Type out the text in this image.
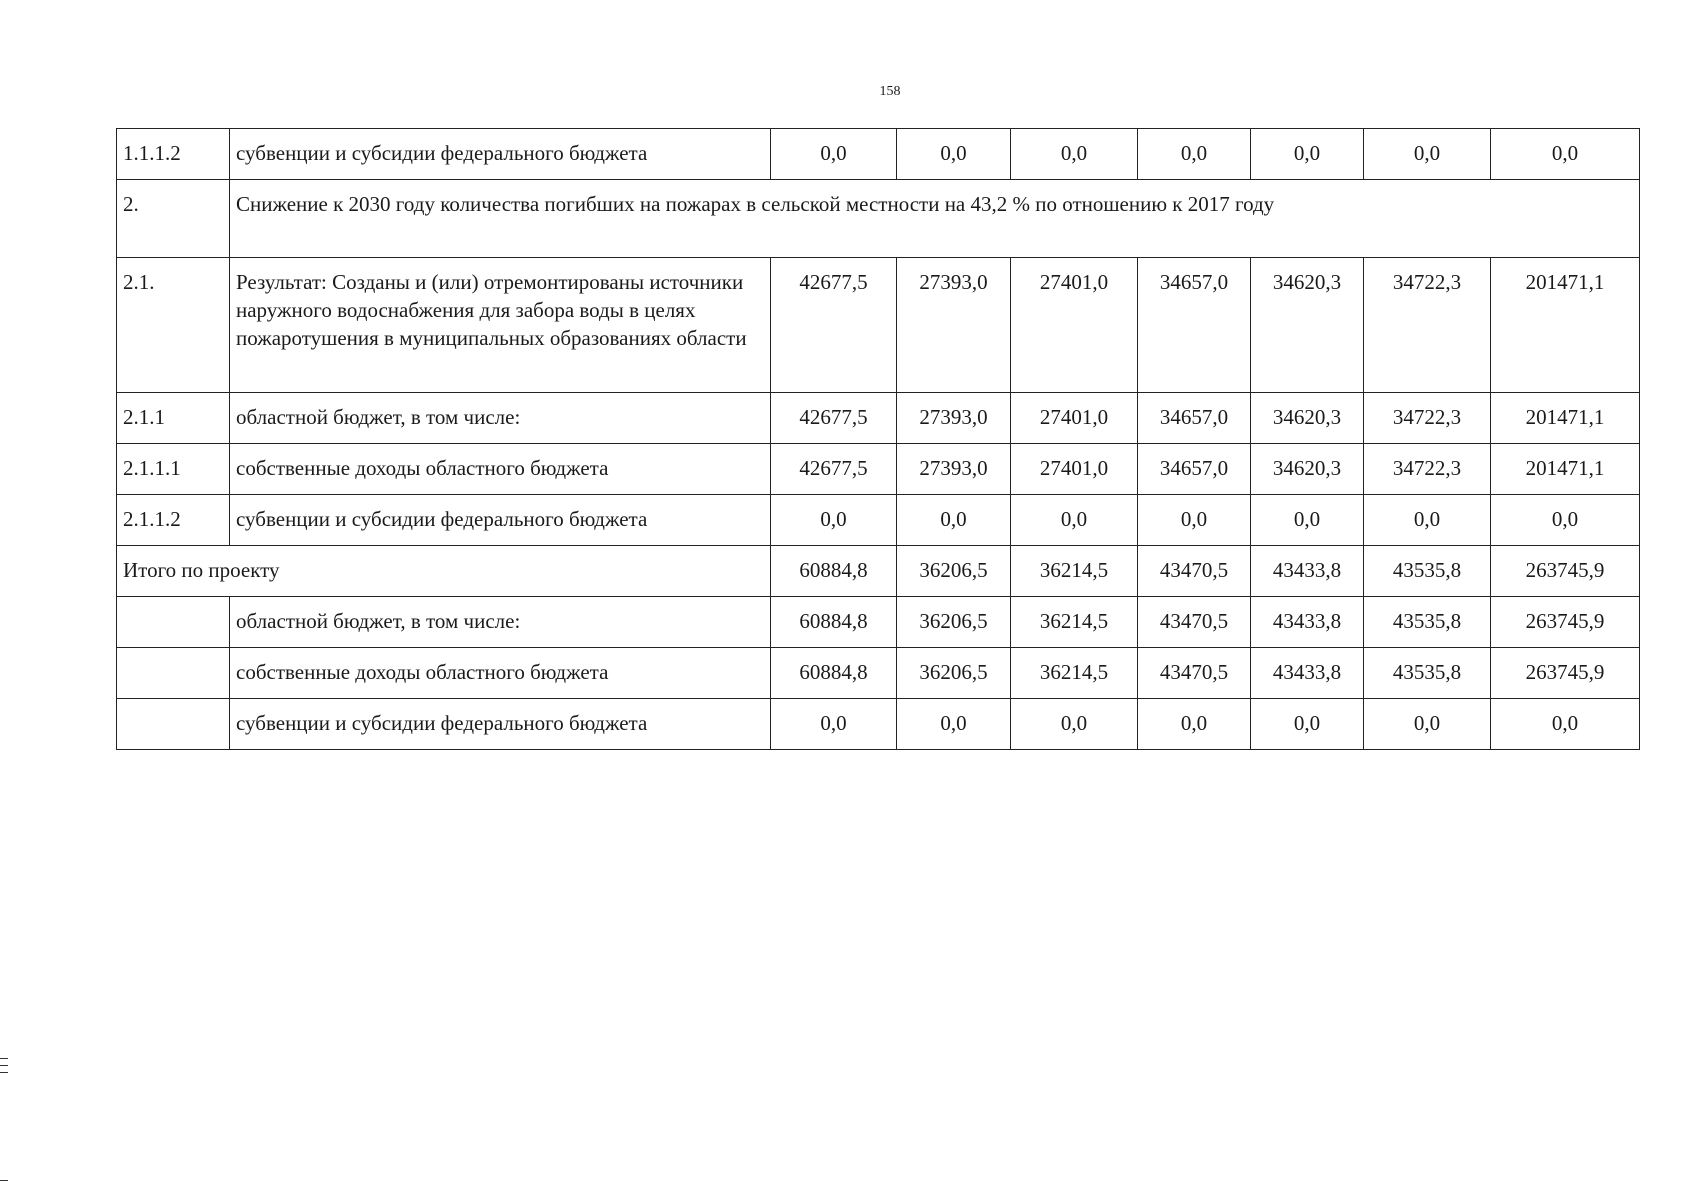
158
1.1.1.2	субвенции и субсидии федерального бюджета	0,0	0,0	0,0	0,0	0,0	0,0	0,0
2.	Снижение к 2030 году количества погибших на пожарах в сельской местности на 43,2 % по отношению к 2017 году							
2.1.	Результат: Созданы и (или) отремонтированы источники наружного водоснабжения для забора воды в целях пожаротушения в муниципальных образованиях области	42677,5	27393,0	27401,0	34657,0	34620,3	34722,3	201471,1
2.1.1	областной бюджет, в том числе:	42677,5	27393,0	27401,0	34657,0	34620,3	34722,3	201471,1
2.1.1.1	собственные доходы областного бюджета	42677,5	27393,0	27401,0	34657,0	34620,3	34722,3	201471,1
2.1.1.2	субвенции и субсидии федерального бюджета	0,0	0,0	0,0	0,0	0,0	0,0	0,0
Итого по проекту		60884,8	36206,5	36214,5	43470,5	43433,8	43535,8	263745,9
	областной бюджет, в том числе:	60884,8	36206,5	36214,5	43470,5	43433,8	43535,8	263745,9
	собственные доходы областного бюджета	60884,8	36206,5	36214,5	43470,5	43433,8	43535,8	263745,9
	субвенции и субсидии федерального бюджета	0,0	0,0	0,0	0,0	0,0	0,0	0,0
